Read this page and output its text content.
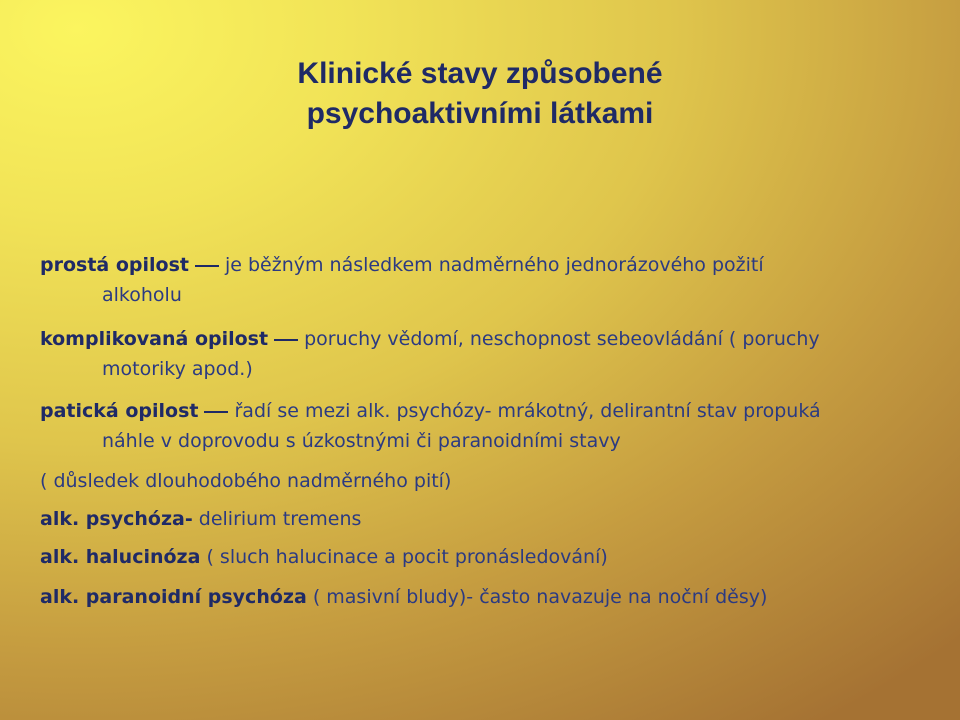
Klinické stavy způsobené
psychoaktivními látkami
prostá opilost je běžným následkem nadměrného jednorázového požití
alkoholu
komplikovaná opilost poruchy vědomí, neschopnost sebeovládání ( poruchy
motoriky apod.)
patická opilost řadí se mezi alk. psychózy- mrákotný, delirantní stav propuká
náhle v doprovodu s úzkostnými či paranoidními stavy
( důsledek dlouhodobého nadměrného pití)
alk. psychóza- delirium tremens
alk. halucinóza ( sluch halucinace a pocit pronásledování)
alk. paranoidní psychóza ( masivní bludy)- často navazuje na noční děsy)
